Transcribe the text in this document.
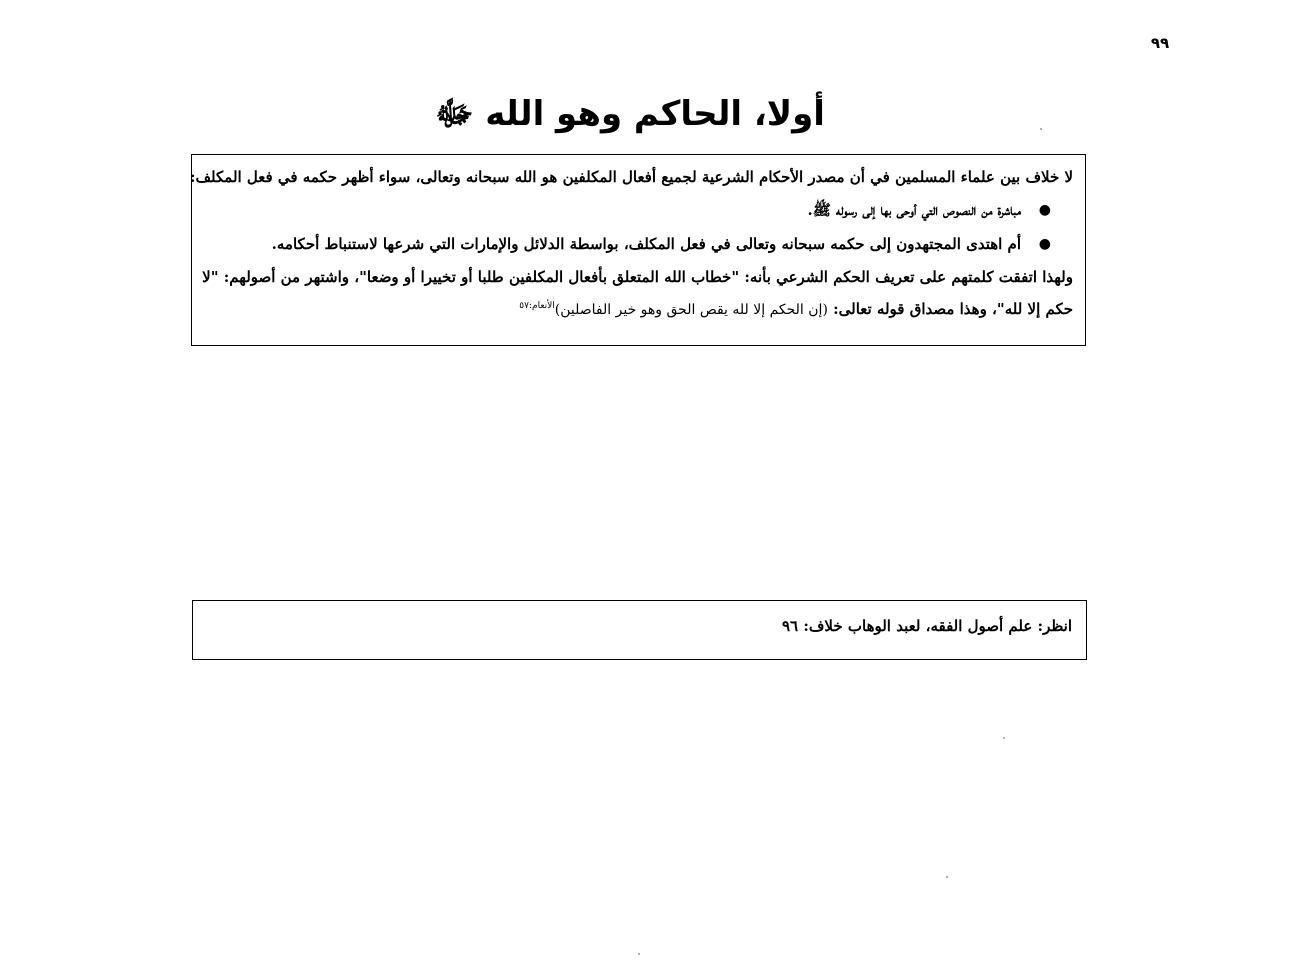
٩٩
أولا، الحاكم وهو الله ﷻ
لا خلاف بين علماء المسلمين في أن مصدر الأحكام الشرعية لجميع أفعال المكلفين هو الله سبحانه وتعالى، سواء أظهر حكمه في فعل المكلف:
●
مباشرة من النصوص التي أوحى بها إلى رسوله ﷺ.
●
أم اهتدى المجتهدون إلى حكمه سبحانه وتعالى في فعل المكلف، بواسطة الدلائل والإمارات التي شرعها لاستنباط أحكامه.
ولهذا اتفقت كلمتهم على تعريف الحكم الشرعي بأنه: "خطاب الله المتعلق بأفعال المكلفين طلبا أو تخييرا أو وضعا"، واشتهر من أصولهم: "لا
حكم إلا لله"، وهذا مصداق قوله تعالى: (إن الحكم إلا لله يقص الحق وهو خير الفاصلين)$^{الأنعام:٥٧}$
انظر: علم أصول الفقه، لعبد الوهاب خلاف: ٩٦
